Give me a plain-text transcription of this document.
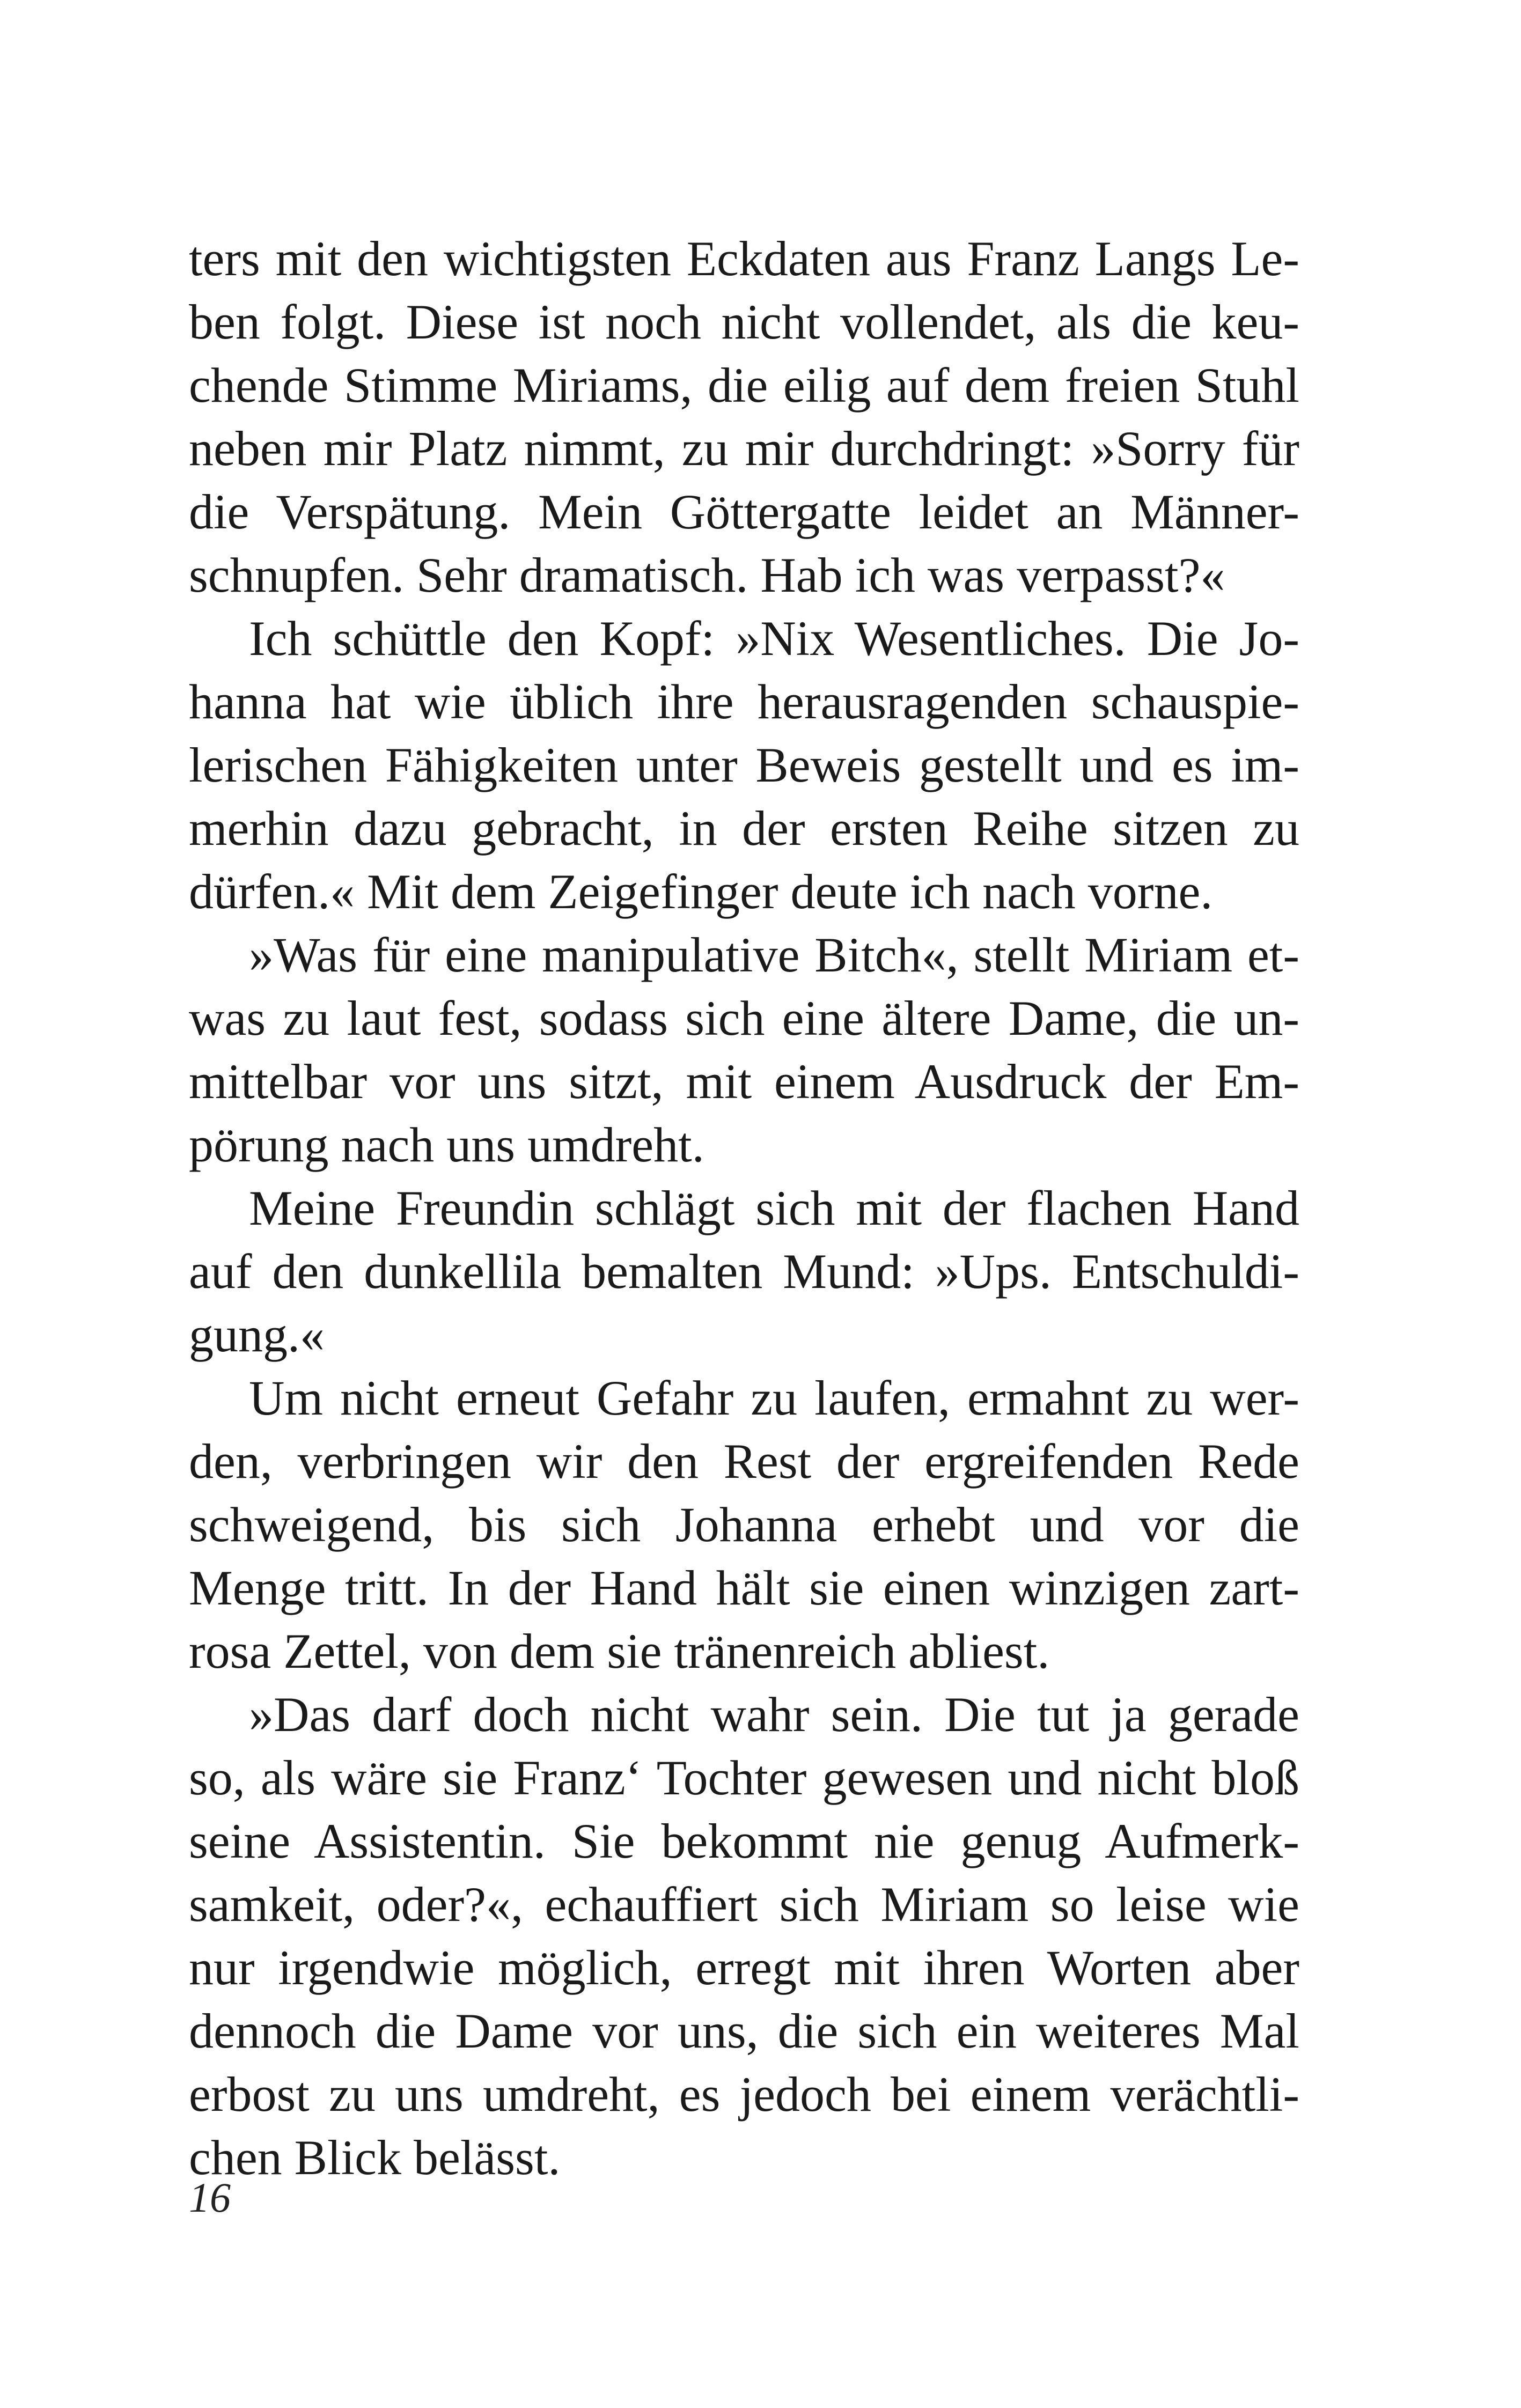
ters mit den wichtigsten Eckdaten aus Franz Langs Le-
ben folgt. Diese ist noch nicht vollendet, als die keu-
chende Stimme Miriams, die eilig auf dem freien Stuhl
neben mir Platz nimmt, zu mir durchdringt: »Sorry für
die Verspätung. Mein Göttergatte leidet an Männer-
schnupfen. Sehr dramatisch. Hab ich was verpasst?«
Ich schüttle den Kopf: »Nix Wesentliches. Die Jo-
hanna hat wie üblich ihre herausragenden schauspie-
lerischen Fähigkeiten unter Beweis gestellt und es im-
merhin dazu gebracht, in der ersten Reihe sitzen zu
dürfen.« Mit dem Zeigefinger deute ich nach vorne.
»Was für eine manipulative Bitch«, stellt Miriam et-
was zu laut fest, sodass sich eine ältere Dame, die un-
mittelbar vor uns sitzt, mit einem Ausdruck der Em-
pörung nach uns umdreht.
Meine Freundin schlägt sich mit der flachen Hand
auf den dunkellila bemalten Mund: »Ups. Entschuldi-
gung.«
Um nicht erneut Gefahr zu laufen, ermahnt zu wer-
den, verbringen wir den Rest der ergreifenden Rede
schweigend, bis sich Johanna erhebt und vor die
Menge tritt. In der Hand hält sie einen winzigen zart-
rosa Zettel, von dem sie tränenreich abliest.
»Das darf doch nicht wahr sein. Die tut ja gerade
so, als wäre sie Franz‘ Tochter gewesen und nicht bloß
seine Assistentin. Sie bekommt nie genug Aufmerk-
samkeit, oder?«, echauffiert sich Miriam so leise wie
nur irgendwie möglich, erregt mit ihren Worten aber
dennoch die Dame vor uns, die sich ein weiteres Mal
erbost zu uns umdreht, es jedoch bei einem verächtli-
chen Blick belässt.
16
